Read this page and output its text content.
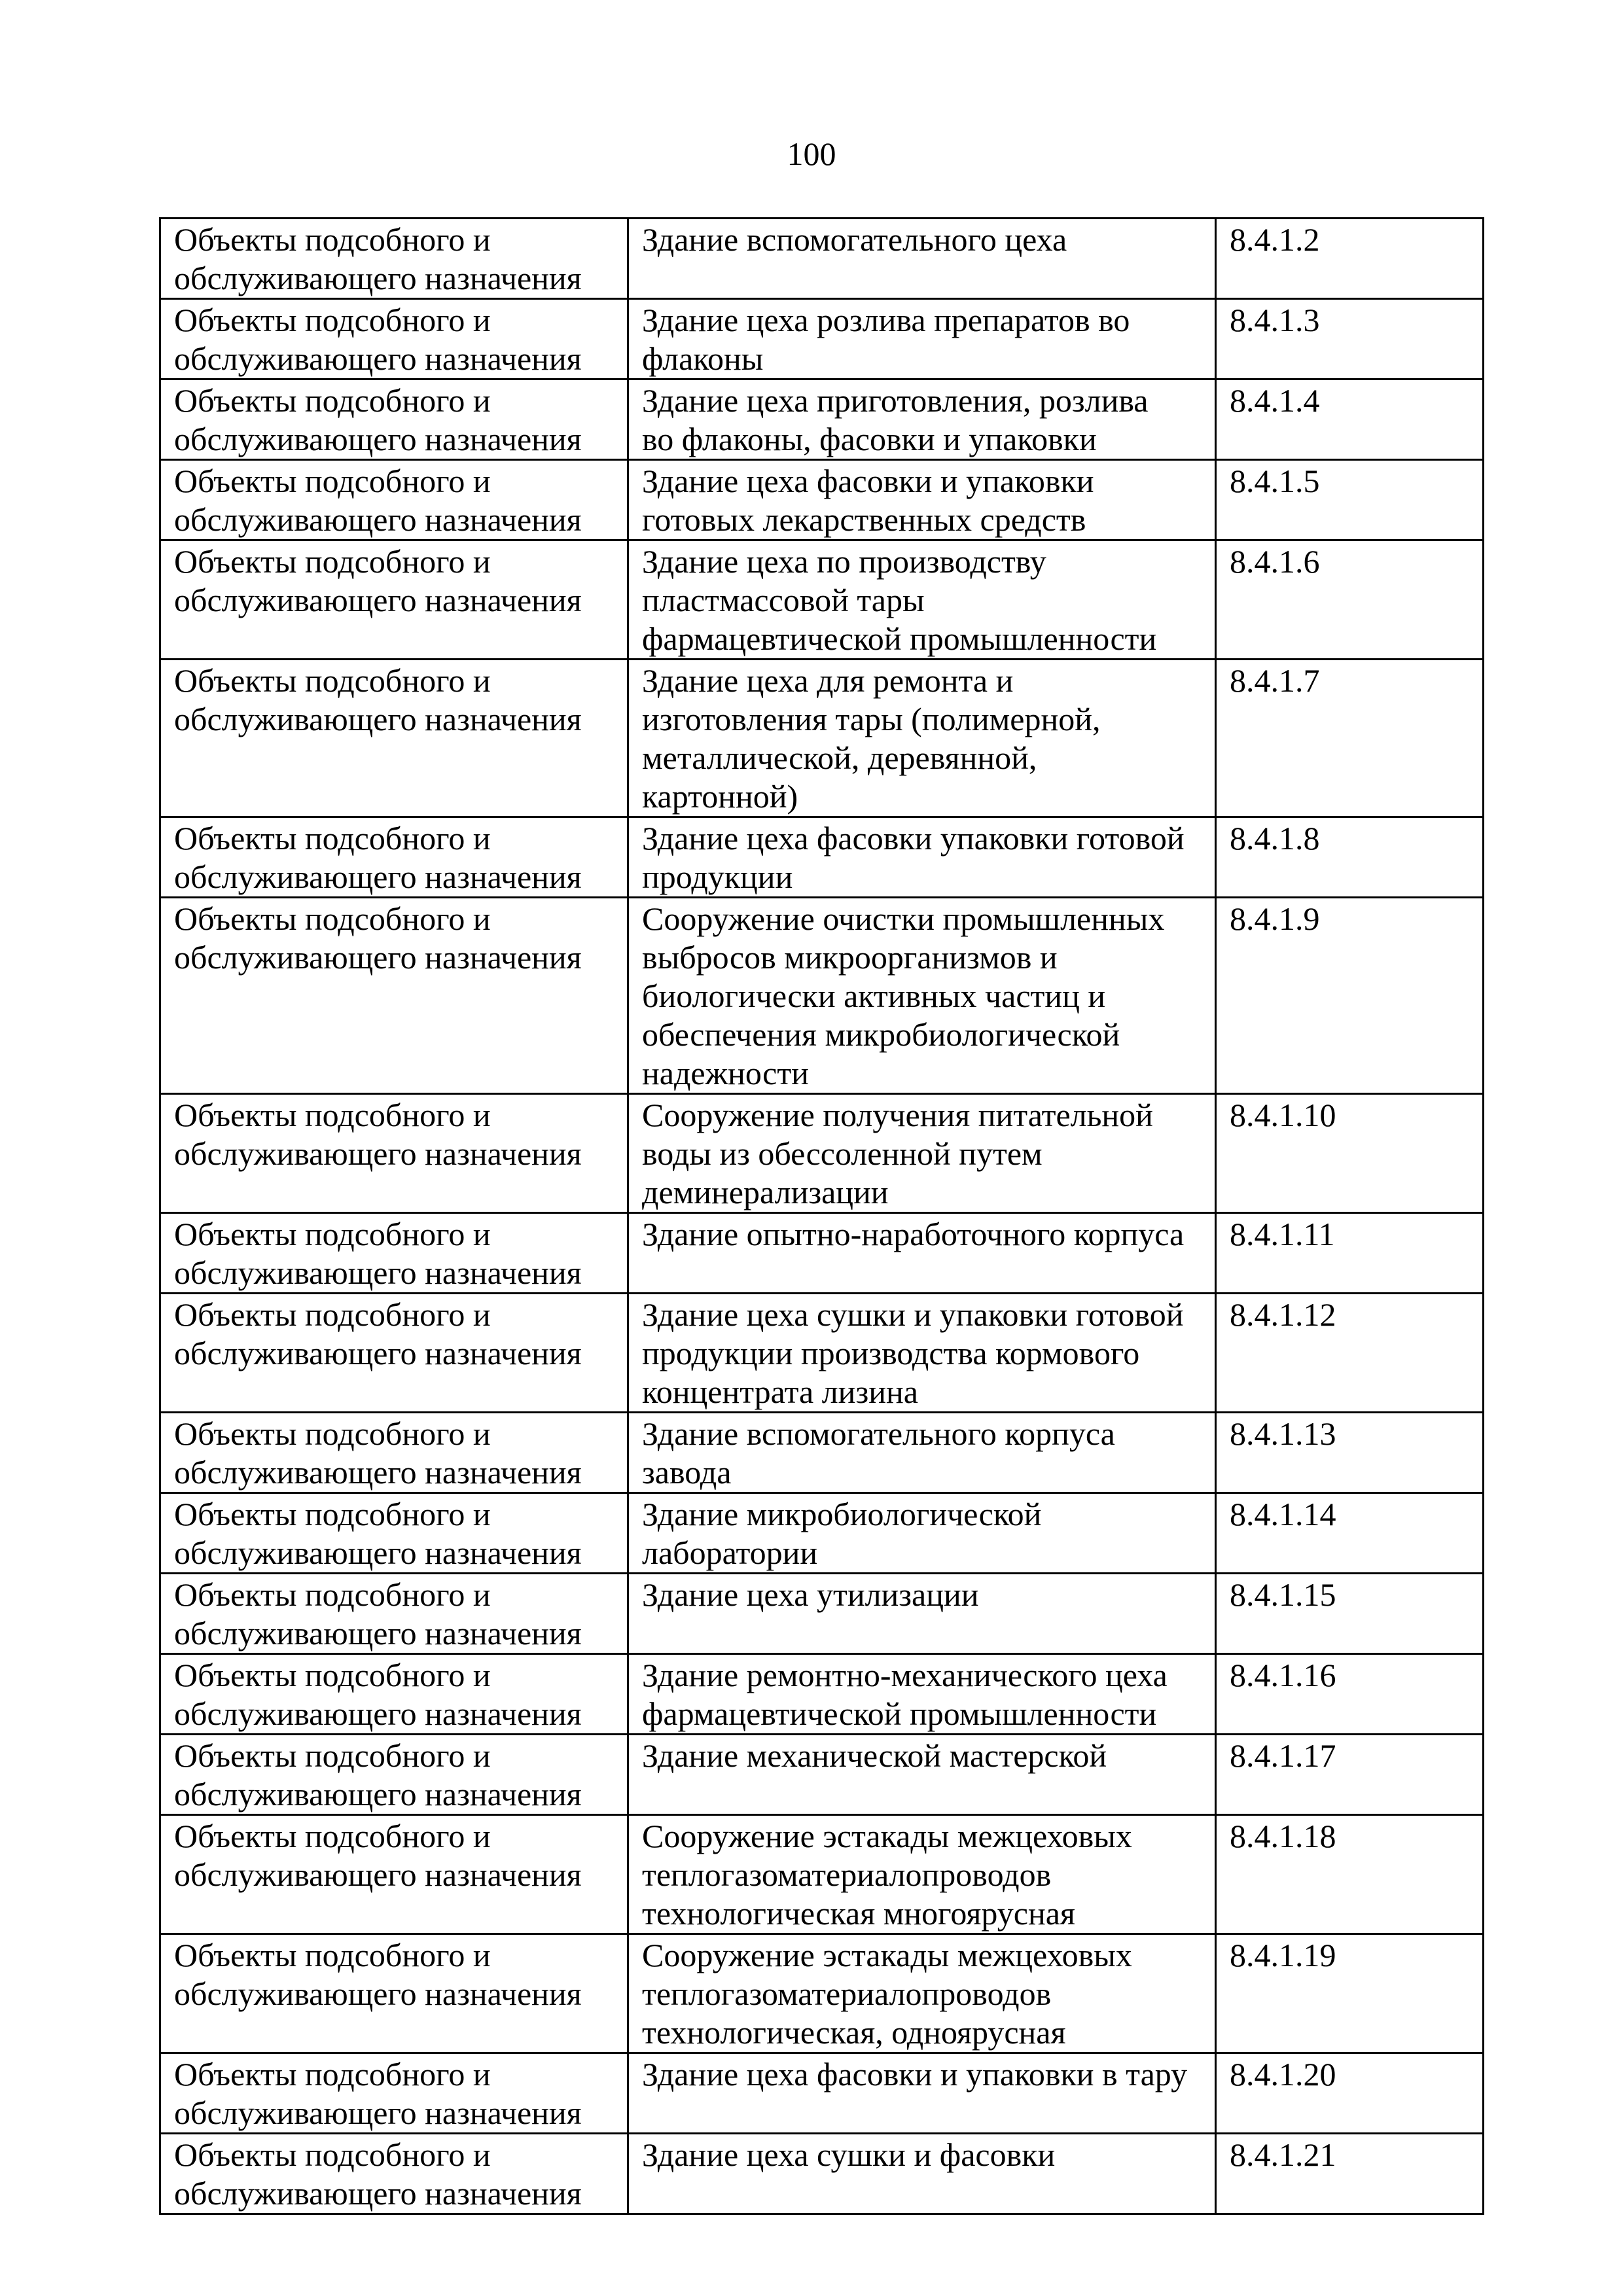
100
Объекты подсобного и
обслуживающего назначения	Здание вспомогательного цеха	8.4.1.2
Объекты подсобного и
обслуживающего назначения	Здание цеха розлива препаратов во
флаконы	8.4.1.3
Объекты подсобного и
обслуживающего назначения	Здание цеха приготовления, розлива
во флаконы, фасовки и упаковки	8.4.1.4
Объекты подсобного и
обслуживающего назначения	Здание цеха фасовки и упаковки
готовых лекарственных средств	8.4.1.5
Объекты подсобного и
обслуживающего назначения	Здание цеха по производству
пластмассовой тары
фармацевтической промышленности	8.4.1.6
Объекты подсобного и
обслуживающего назначения	Здание цеха для ремонта и
изготовления тары (полимерной,
металлической, деревянной,
картонной)	8.4.1.7
Объекты подсобного и
обслуживающего назначения	Здание цеха фасовки упаковки готовой
продукции	8.4.1.8
Объекты подсобного и
обслуживающего назначения	Сооружение очистки промышленных
выбросов микроорганизмов и
биологически активных частиц и
обеспечения микробиологической
надежности	8.4.1.9
Объекты подсобного и
обслуживающего назначения	Сооружение получения питательной
воды из обессоленной путем
деминерализации	8.4.1.10
Объекты подсобного и
обслуживающего назначения	Здание опытно-наработочного корпуса	8.4.1.11
Объекты подсобного и
обслуживающего назначения	Здание цеха сушки и упаковки готовой
продукции производства кормового
концентрата лизина	8.4.1.12
Объекты подсобного и
обслуживающего назначения	Здание вспомогательного корпуса
завода	8.4.1.13
Объекты подсобного и
обслуживающего назначения	Здание микробиологической
лаборатории	8.4.1.14
Объекты подсобного и
обслуживающего назначения	Здание цеха утилизации	8.4.1.15
Объекты подсобного и
обслуживающего назначения	Здание ремонтно-механического цеха
фармацевтической промышленности	8.4.1.16
Объекты подсобного и
обслуживающего назначения	Здание механической мастерской	8.4.1.17
Объекты подсобного и
обслуживающего назначения	Сооружение эстакады межцеховых
теплогазоматериалопроводов
технологическая многоярусная	8.4.1.18
Объекты подсобного и
обслуживающего назначения	Сооружение эстакады межцеховых
теплогазоматериалопроводов
технологическая, одноярусная	8.4.1.19
Объекты подсобного и
обслуживающего назначения	Здание цеха фасовки и упаковки в тару	8.4.1.20
Объекты подсобного и
обслуживающего назначения	Здание цеха сушки и фасовки	8.4.1.21
